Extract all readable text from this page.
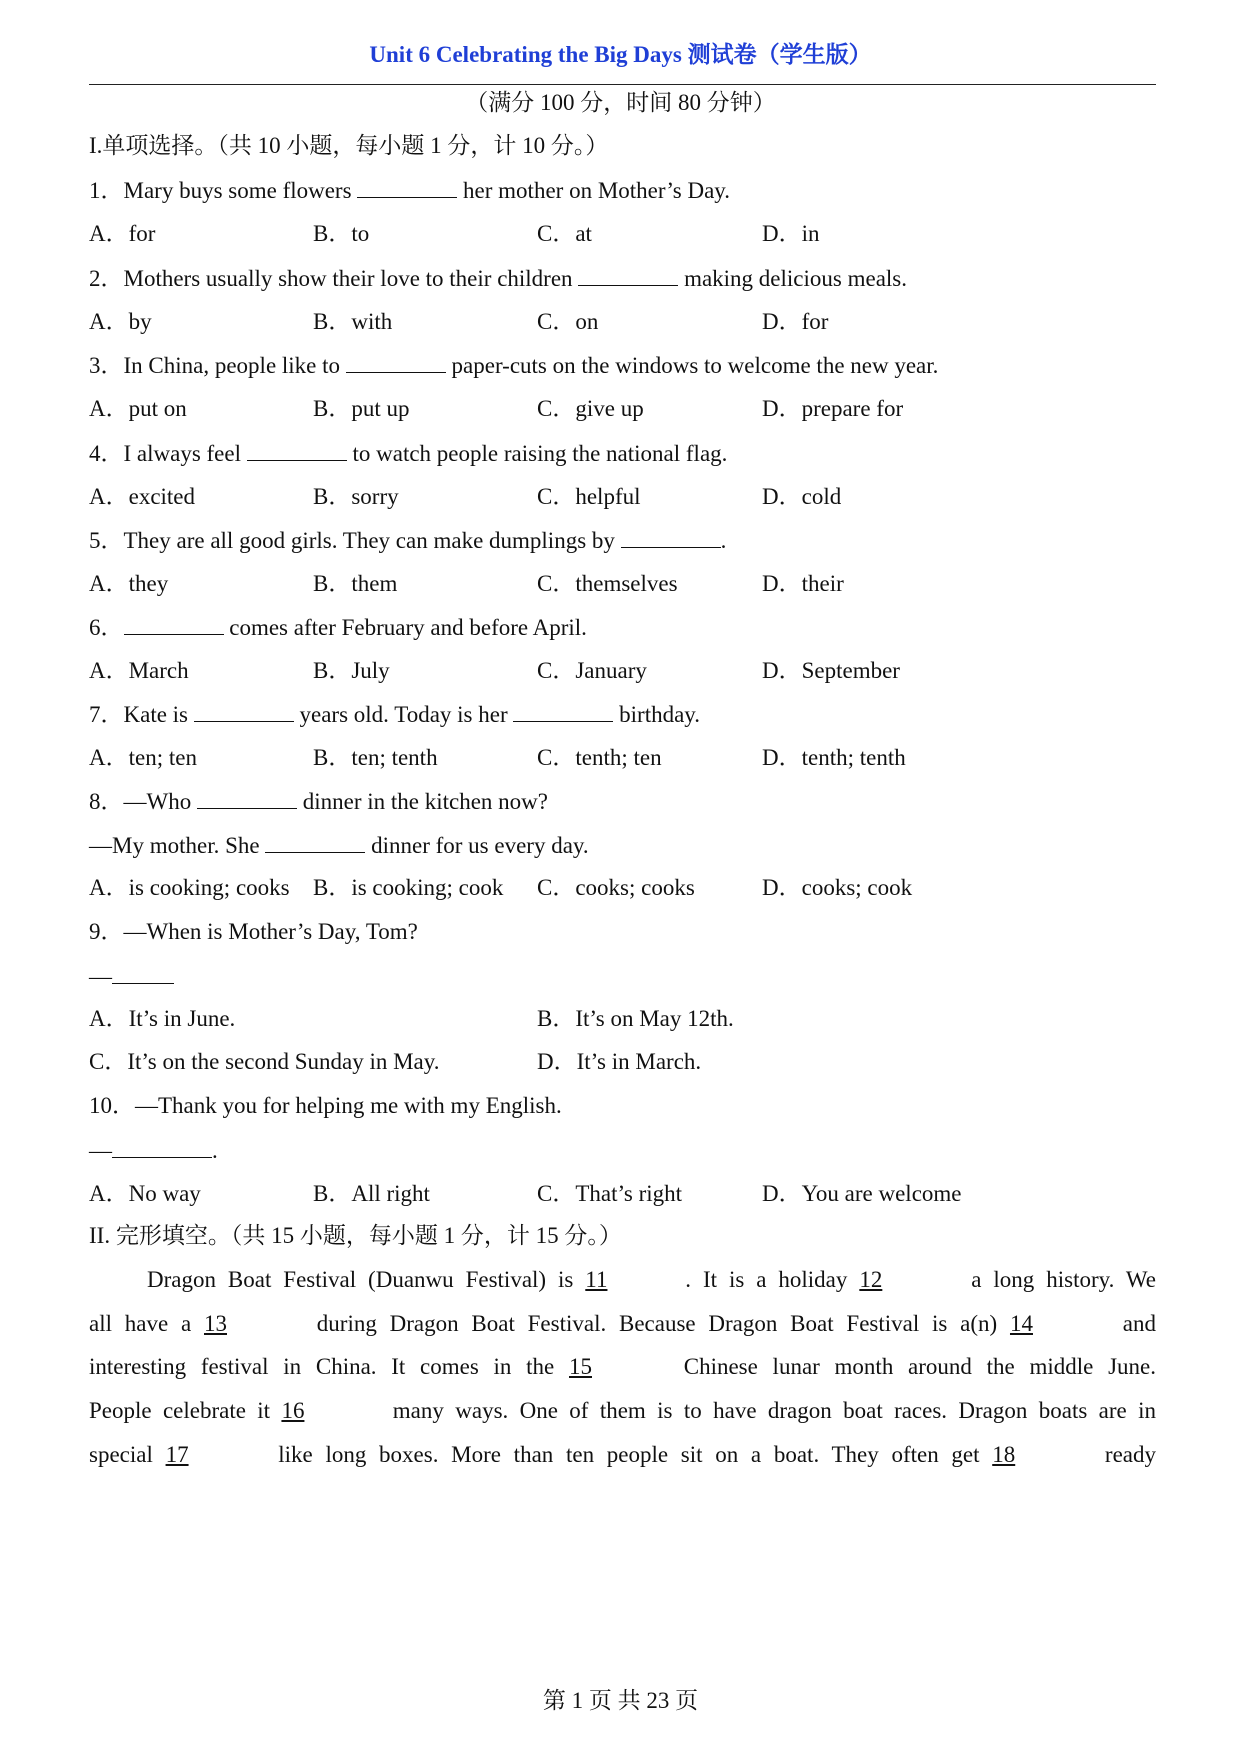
Unit 6 Celebrating the Big Days 测试卷（学生版）
（满分 100 分，时间 80 分钟）
I.单项选择。（共 10 小题，每小题 1 分，计 10 分。）
1．Mary buys some flowers	her mother on Mother’s Day.
A．for	B．to	C．at	D．in
2．Mothers usually show their love to their children	making delicious meals.
A．by	B．with	C．on	D．for
3．In China, people like to	paper-cuts on the windows to welcome the new year.
A．put on	B．put up	C．give up	D．prepare for
4．I always feel	to watch people raising the national flag.
A．excited	B．sorry	C．helpful	D．cold
5．They are all good girls. They can make dumplings by	.
A．they	B．them	C．themselves	D．their
6．	comes after February and before April.
A．March	B．July	C．January	D．September
7．Kate is	years old. Today is her	birthday.
A．ten; ten	B．ten; tenth	C．tenth; ten	D．tenth; tenth
8．—Who	dinner in the kitchen now?
—My mother. She	dinner for us every day.
A．is cooking; cooks B．is cooking; cook C．cooks; cooks	D．cooks; cook
9．—When is Mother’s Day, Tom?
—
A．It’s in June.	B．It’s on May 12th.
C．It’s on the second Sunday in May.	D．It’s in March.
10．—Thank you for helping me with my English.
—	.
A．No way	B．All right	C．That’s right	D．You are welcome
II. 完形填空。（共 15 小题，每小题 1 分，计 15 分。）
Dragon Boat Festival (Duanwu Festival) is 11	. It is a holiday 12	a long history. We
all have a 13	during Dragon Boat Festival. Because Dragon Boat Festival is a(n) 14	and
interesting festival in China. It comes in the 15	Chinese lunar month around the middle June.
People celebrate it 16	many ways. One of them is to have dragon boat races. Dragon boats are in
special 17	like long boxes. More than ten people sit on a boat. They often get 18	ready
第 1 页 共 23 页
